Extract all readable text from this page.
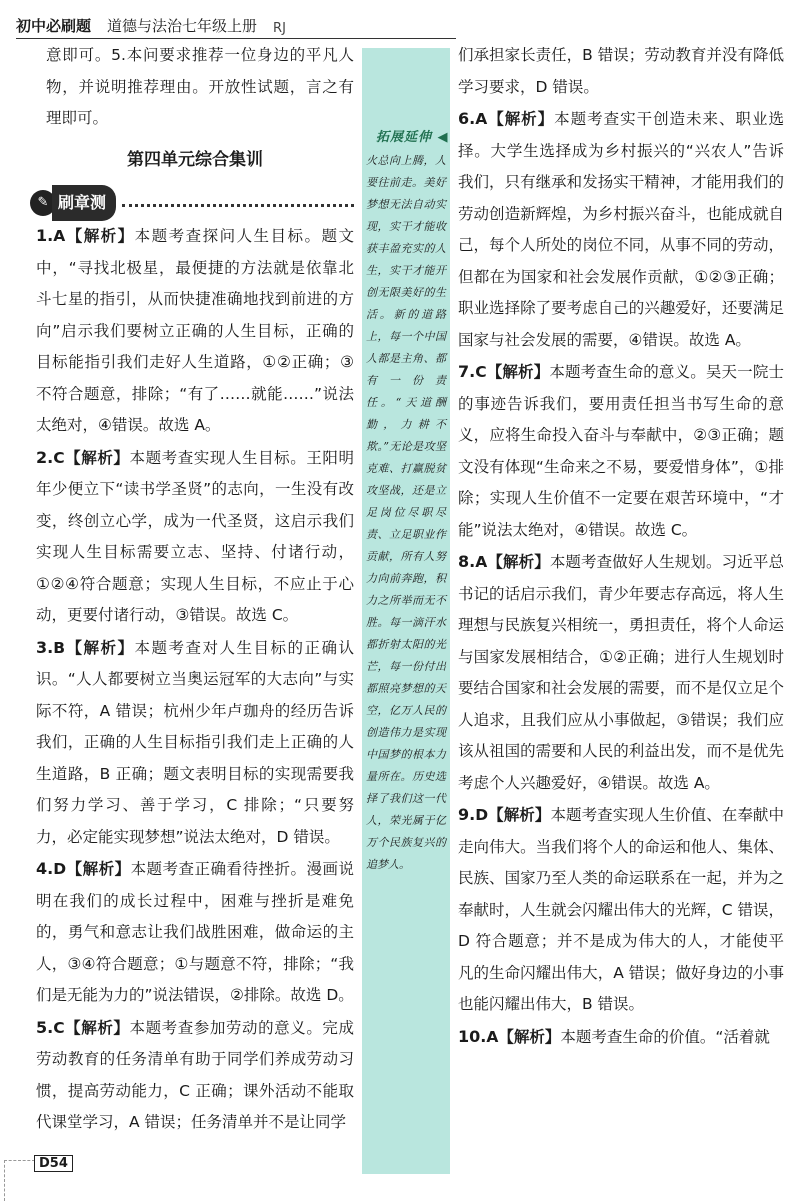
初中必刷题 道德与法治七年级上册 RJ
拓展延伸 ◀
火总向上腾，人要往前走。美好梦想无法自动实现，实干才能收获丰盈充实的人生，实干才能开创无限美好的生活。新的道路上，每一个中国人都是主角、都有一份责任。“天道酬勤，力耕不欺。”无论是攻坚克难、打赢脱贫攻坚战，还是立足岗位尽职尽责、立足职业作贡献，所有人努力向前奔跑，积力之所举而无不胜。每一滴汗水都折射太阳的光芒，每一份付出都照亮梦想的天空，亿万人民的创造伟力是实现中国梦的根本力量所在。历史选择了我们这一代人，荣光属于亿万个民族复兴的追梦人。

意即可。5.本问要求推荐一位身边的平凡人物，并说明推荐理由。开放性试题，言之有理即可。

第四单元综合集训
✎ 刷章测

1.A【解析】本题考查探问人生目标。题文中，“寻找北极星，最便捷的方法就是依靠北斗七星的指引，从而快捷准确地找到前进的方向”启示我们要树立正确的人生目标，正确的目标能指引我们走好人生道路，①②正确；③不符合题意，排除；“有了……就能……”说法太绝对，④错误。故选 A。

2.C【解析】本题考查实现人生目标。王阳明年少便立下“读书学圣贤”的志向，一生没有改变，终创立心学，成为一代圣贤，这启示我们实现人生目标需要立志、坚持、付诸行动，①②④符合题意；实现人生目标，不应止于心动，更要付诸行动，③错误。故选 C。

3.B【解析】本题考查对人生目标的正确认识。“人人都要树立当奥运冠军的大志向”与实际不符，A 错误；杭州少年卢珈舟的经历告诉我们，正确的人生目标指引我们走上正确的人生道路，B 正确；题文表明目标的实现需要我们努力学习、善于学习，C 排除；“只要努力，必定能实现梦想”说法太绝对，D 错误。

4.D【解析】本题考查正确看待挫折。漫画说明在我们的成长过程中，困难与挫折是难免的，勇气和意志让我们战胜困难，做命运的主人，③④符合题意；①与题意不符，排除；“我们是无能为力的”说法错误，②排除。故选 D。

5.C【解析】本题考查参加劳动的意义。完成劳动教育的任务清单有助于同学们养成劳动习惯，提高劳动能力，C 正确；课外活动不能取代课堂学习，A 错误；任务清单并不是让同学

们承担家长责任，B 错误；劳动教育并没有降低学习要求，D 错误。

6.A【解析】本题考查实干创造未来、职业选择。大学生选择成为乡村振兴的“兴农人”告诉我们，只有继承和发扬实干精神，才能用我们的劳动创造新辉煌，为乡村振兴奋斗，也能成就自己，每个人所处的岗位不同，从事不同的劳动，但都在为国家和社会发展作贡献，①②③正确；职业选择除了要考虑自己的兴趣爱好，还要满足国家与社会发展的需要，④错误。故选 A。

7.C【解析】本题考查生命的意义。吴天一院士的事迹告诉我们，要用责任担当书写生命的意义，应将生命投入奋斗与奉献中，②③正确；题文没有体现“生命来之不易，要爱惜身体”，①排除；实现人生价值不一定要在艰苦环境中，“才能”说法太绝对，④错误。故选 C。

8.A【解析】本题考查做好人生规划。习近平总书记的话启示我们，青少年要志存高远，将人生理想与民族复兴相统一，勇担责任，将个人命运与国家发展相结合，①②正确；进行人生规划时要结合国家和社会发展的需要，而不是仅立足个人追求，且我们应从小事做起，③错误；我们应该从祖国的需要和人民的利益出发，而不是优先考虑个人兴趣爱好，④错误。故选 A。

9.D【解析】本题考查实现人生价值、在奉献中走向伟大。当我们将个人的命运和他人、集体、民族、国家乃至人类的命运联系在一起，并为之奉献时，人生就会闪耀出伟大的光辉，C 错误，D 符合题意；并不是成为伟大的人，才能使平凡的生命闪耀出伟大，A 错误；做好身边的小事也能闪耀出伟大，B 错误。

10.A【解析】本题考查生命的价值。“活着就

D54
